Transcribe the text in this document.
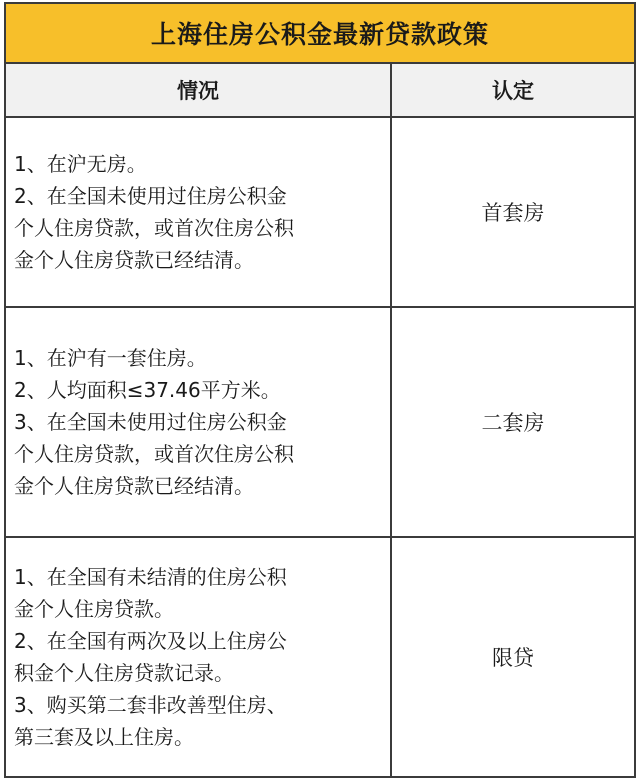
上海住房公积金最新贷款政策
情况	认定
1、在沪无房。
2、在全国未使用过住房公积金
个人住房贷款，或首次住房公积
金个人住房贷款已经结清。
首套房
1、在沪有一套住房。
2、人均面积≤37.46平方米。
3、在全国未使用过住房公积金
个人住房贷款，或首次住房公积
金个人住房贷款已经结清。
二套房
1、在全国有未结清的住房公积
金个人住房贷款。
2、在全国有两次及以上住房公
积金个人住房贷款记录。
3、购买第二套非改善型住房、
第三套及以上住房。
限贷
